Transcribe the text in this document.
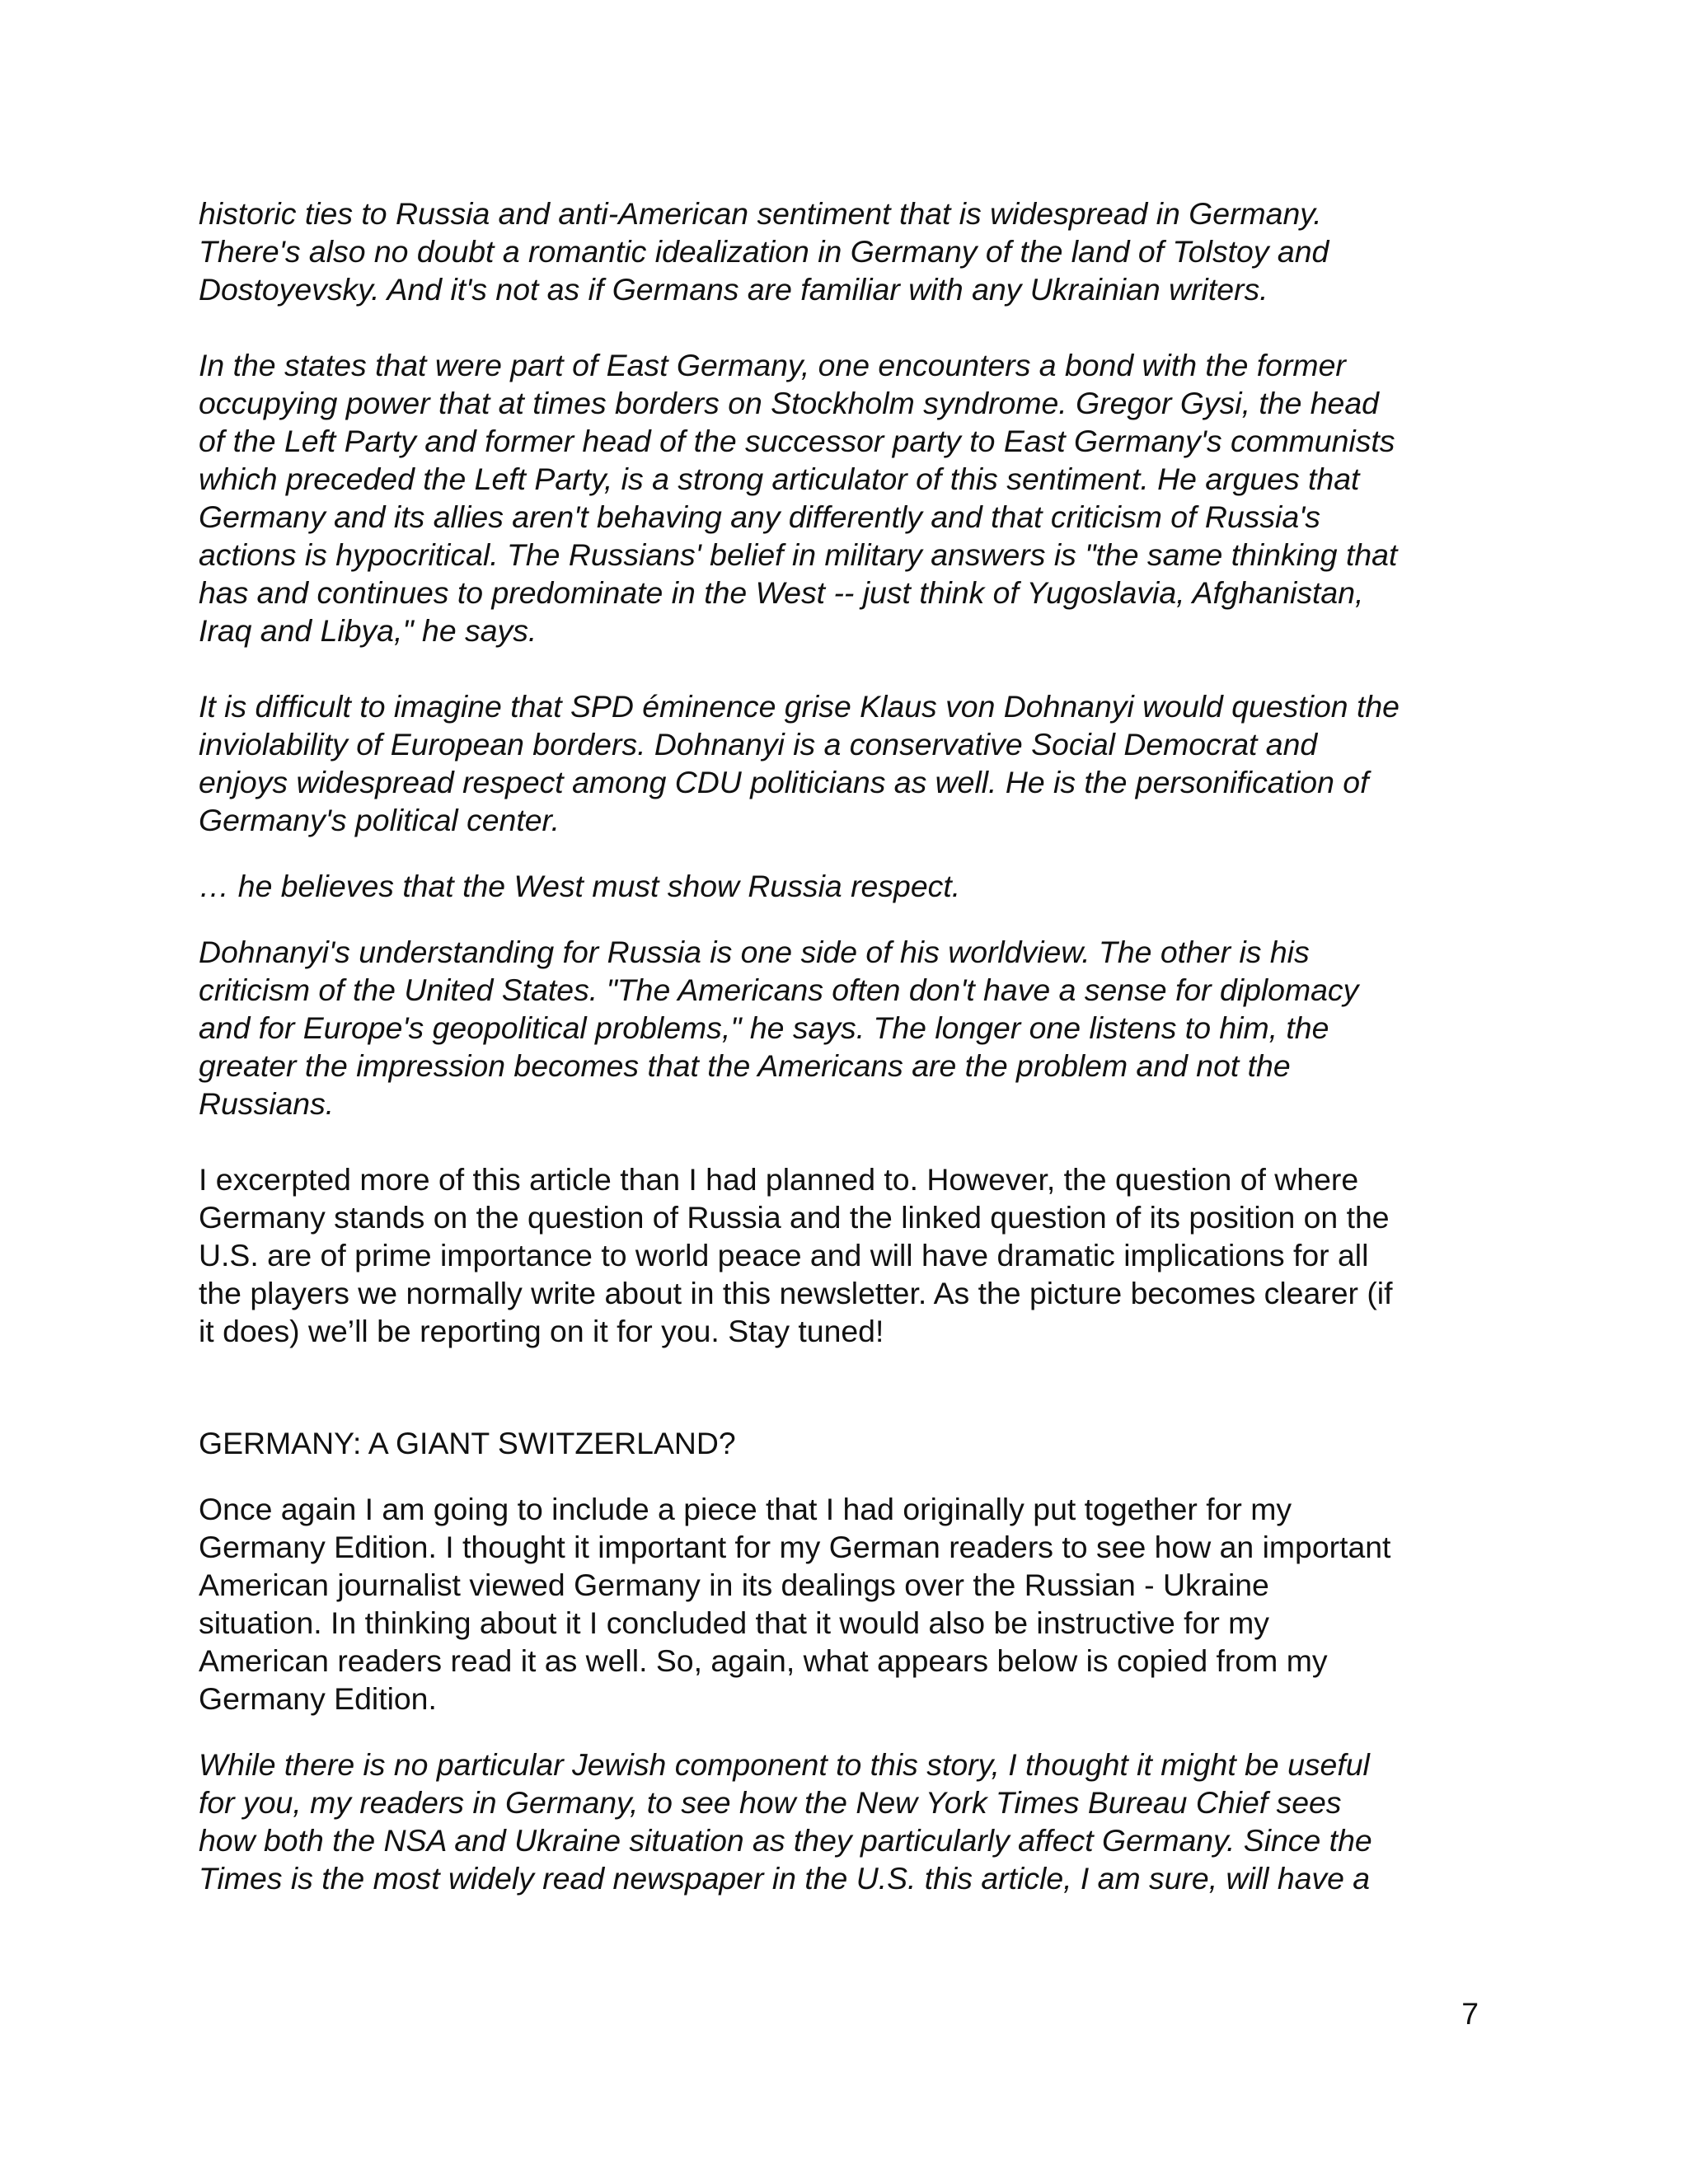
historic ties to Russia and anti-American sentiment that is widespread in Germany.
There's also no doubt a romantic idealization in Germany of the land of Tolstoy and
Dostoyevsky. And it's not as if Germans are familiar with any Ukrainian writers.

In the states that were part of East Germany, one encounters a bond with the former
occupying power that at times borders on Stockholm syndrome. Gregor Gysi, the head
of the Left Party and former head of the successor party to East Germany's communists
which preceded the Left Party, is a strong articulator of this sentiment. He argues that
Germany and its allies aren't behaving any differently and that criticism of Russia's
actions is hypocritical. The Russians' belief in military answers is "the same thinking that
has and continues to predominate in the West -- just think of Yugoslavia, Afghanistan,
Iraq and Libya," he says.

It is difficult to imagine that SPD éminence grise Klaus von Dohnanyi would question the
inviolability of European borders. Dohnanyi is a conservative Social Democrat and
enjoys widespread respect among CDU politicians as well. He is the personification of
Germany's political center.

… he believes that the West must show Russia respect.

Dohnanyi's understanding for Russia is one side of his worldview. The other is his
criticism of the United States. "The Americans often don't have a sense for diplomacy
and for Europe's geopolitical problems," he says. The longer one listens to him, the
greater the impression becomes that the Americans are the problem and not the
Russians.

I excerpted more of this article than I had planned to. However, the question of where
Germany stands on the question of Russia and the linked question of its position on the
U.S. are of prime importance to world peace and will have dramatic implications for all
the players we normally write about in this newsletter. As the picture becomes clearer (if
it does) we’ll be reporting on it for you. Stay tuned!

GERMANY: A GIANT SWITZERLAND?

Once again I am going to include a piece that I had originally put together for my
Germany Edition. I thought it important for my German readers to see how an important
American journalist viewed Germany in its dealings over the Russian - Ukraine
situation. In thinking about it I concluded that it would also be instructive for my
American readers read it as well. So, again, what appears below is copied from my
Germany Edition.

While there is no particular Jewish component to this story, I thought it might be useful
for you, my readers in Germany, to see how the New York Times Bureau Chief sees
how both the NSA and Ukraine situation as they particularly affect Germany. Since the
Times is the most widely read newspaper in the U.S. this article, I am sure, will have a

7
